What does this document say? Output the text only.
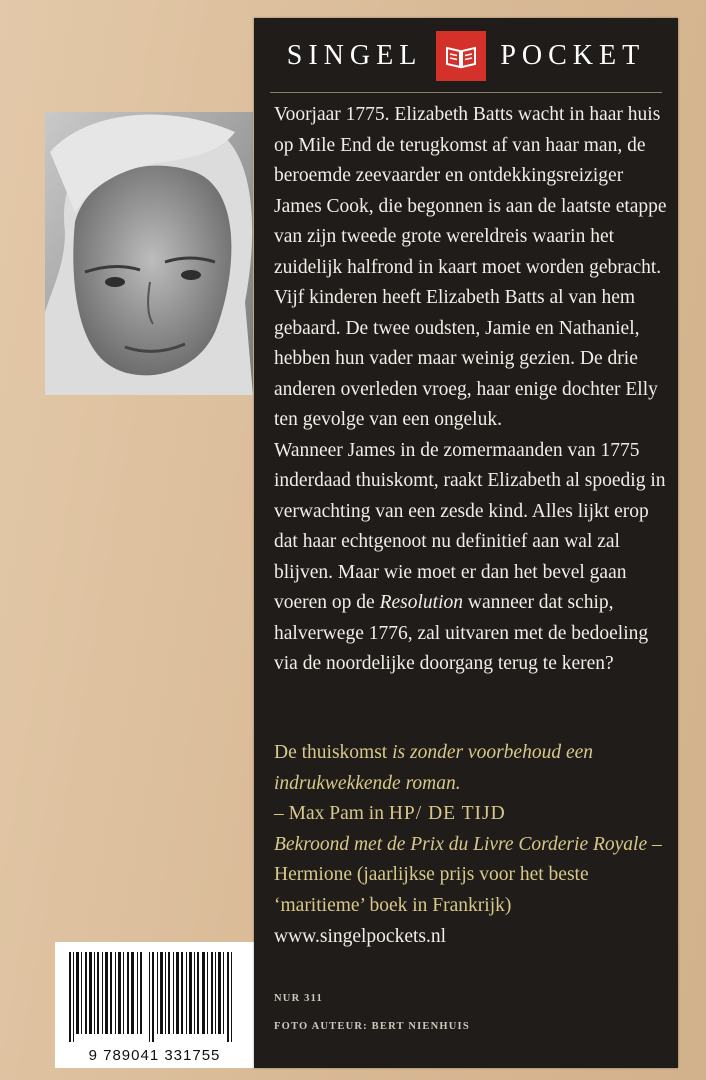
9 789041 331755
SINGEL	POCKET

Voorjaar 1775. Elizabeth Batts wacht in haar huis op Mile End de terugkomst af van haar man, de beroemde zeevaarder en ontdekkingsreiziger James Cook, die begonnen is aan de laatste etappe van zijn tweede grote wereldreis waarin het zuidelijk halfrond in kaart moet worden gebracht.

Vijf kinderen heeft Elizabeth Batts al van hem gebaard. De twee oudsten, Jamie en Nathaniel, hebben hun vader maar weinig gezien. De drie anderen overleden vroeg, haar enige dochter Elly ten gevolge van een ongeluk.

Wanneer James in de zomermaanden van 1775 inderdaad thuiskomt, raakt Elizabeth al spoedig in verwachting van een zesde kind. Alles lijkt erop dat haar echtgenoot nu definitief aan wal zal blijven. Maar wie moet er dan het bevel gaan voeren op de Resolution wanneer dat schip, halverwege 1776, zal uitvaren met de bedoeling via de noordelijke doorgang terug te keren?

De thuiskomst is zonder voorbehoud een indrukwekkende roman.
– Max Pam in HP/ DE TIJD
Bekroond met de Prix du Livre Corderie Royale – Hermione (jaarlijkse prijs voor het beste ‘maritieme’ boek in Frankrijk)
www.singelpockets.nl
NUR 311
FOTO AUTEUR: BERT NIENHUIS
